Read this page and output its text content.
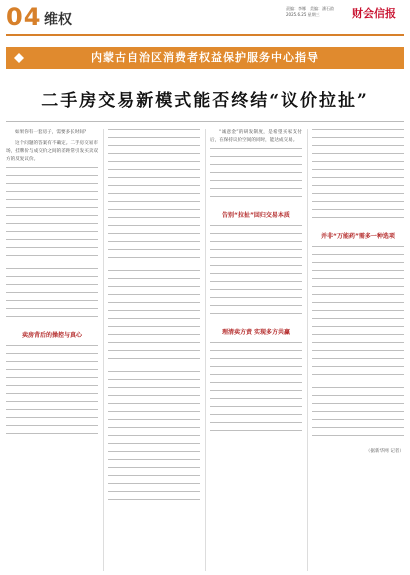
04 维权
责编：李娜　美编：潘石韵
2025.6.25 星期三	财会信报
内蒙古自治区消费者权益保护服务中心指导
二手房交易新模式能否终结“议价拉扯”

如果你有一套房子，需要多长时间？

这个问题的答案有不确定。二手房交易市场，挂牌价与成交价之间的差距常引发买卖双方的反复议价。

卖房背后的操控与真心

“诚意金”的研发制度，是希望买家支付后，在保持议价空间的同时，能达成交易。

告别“拉扯”回归交易本质
理清卖方责 实现多方共赢
并非“万能药”需多一种选项
（据新华网 记者）
